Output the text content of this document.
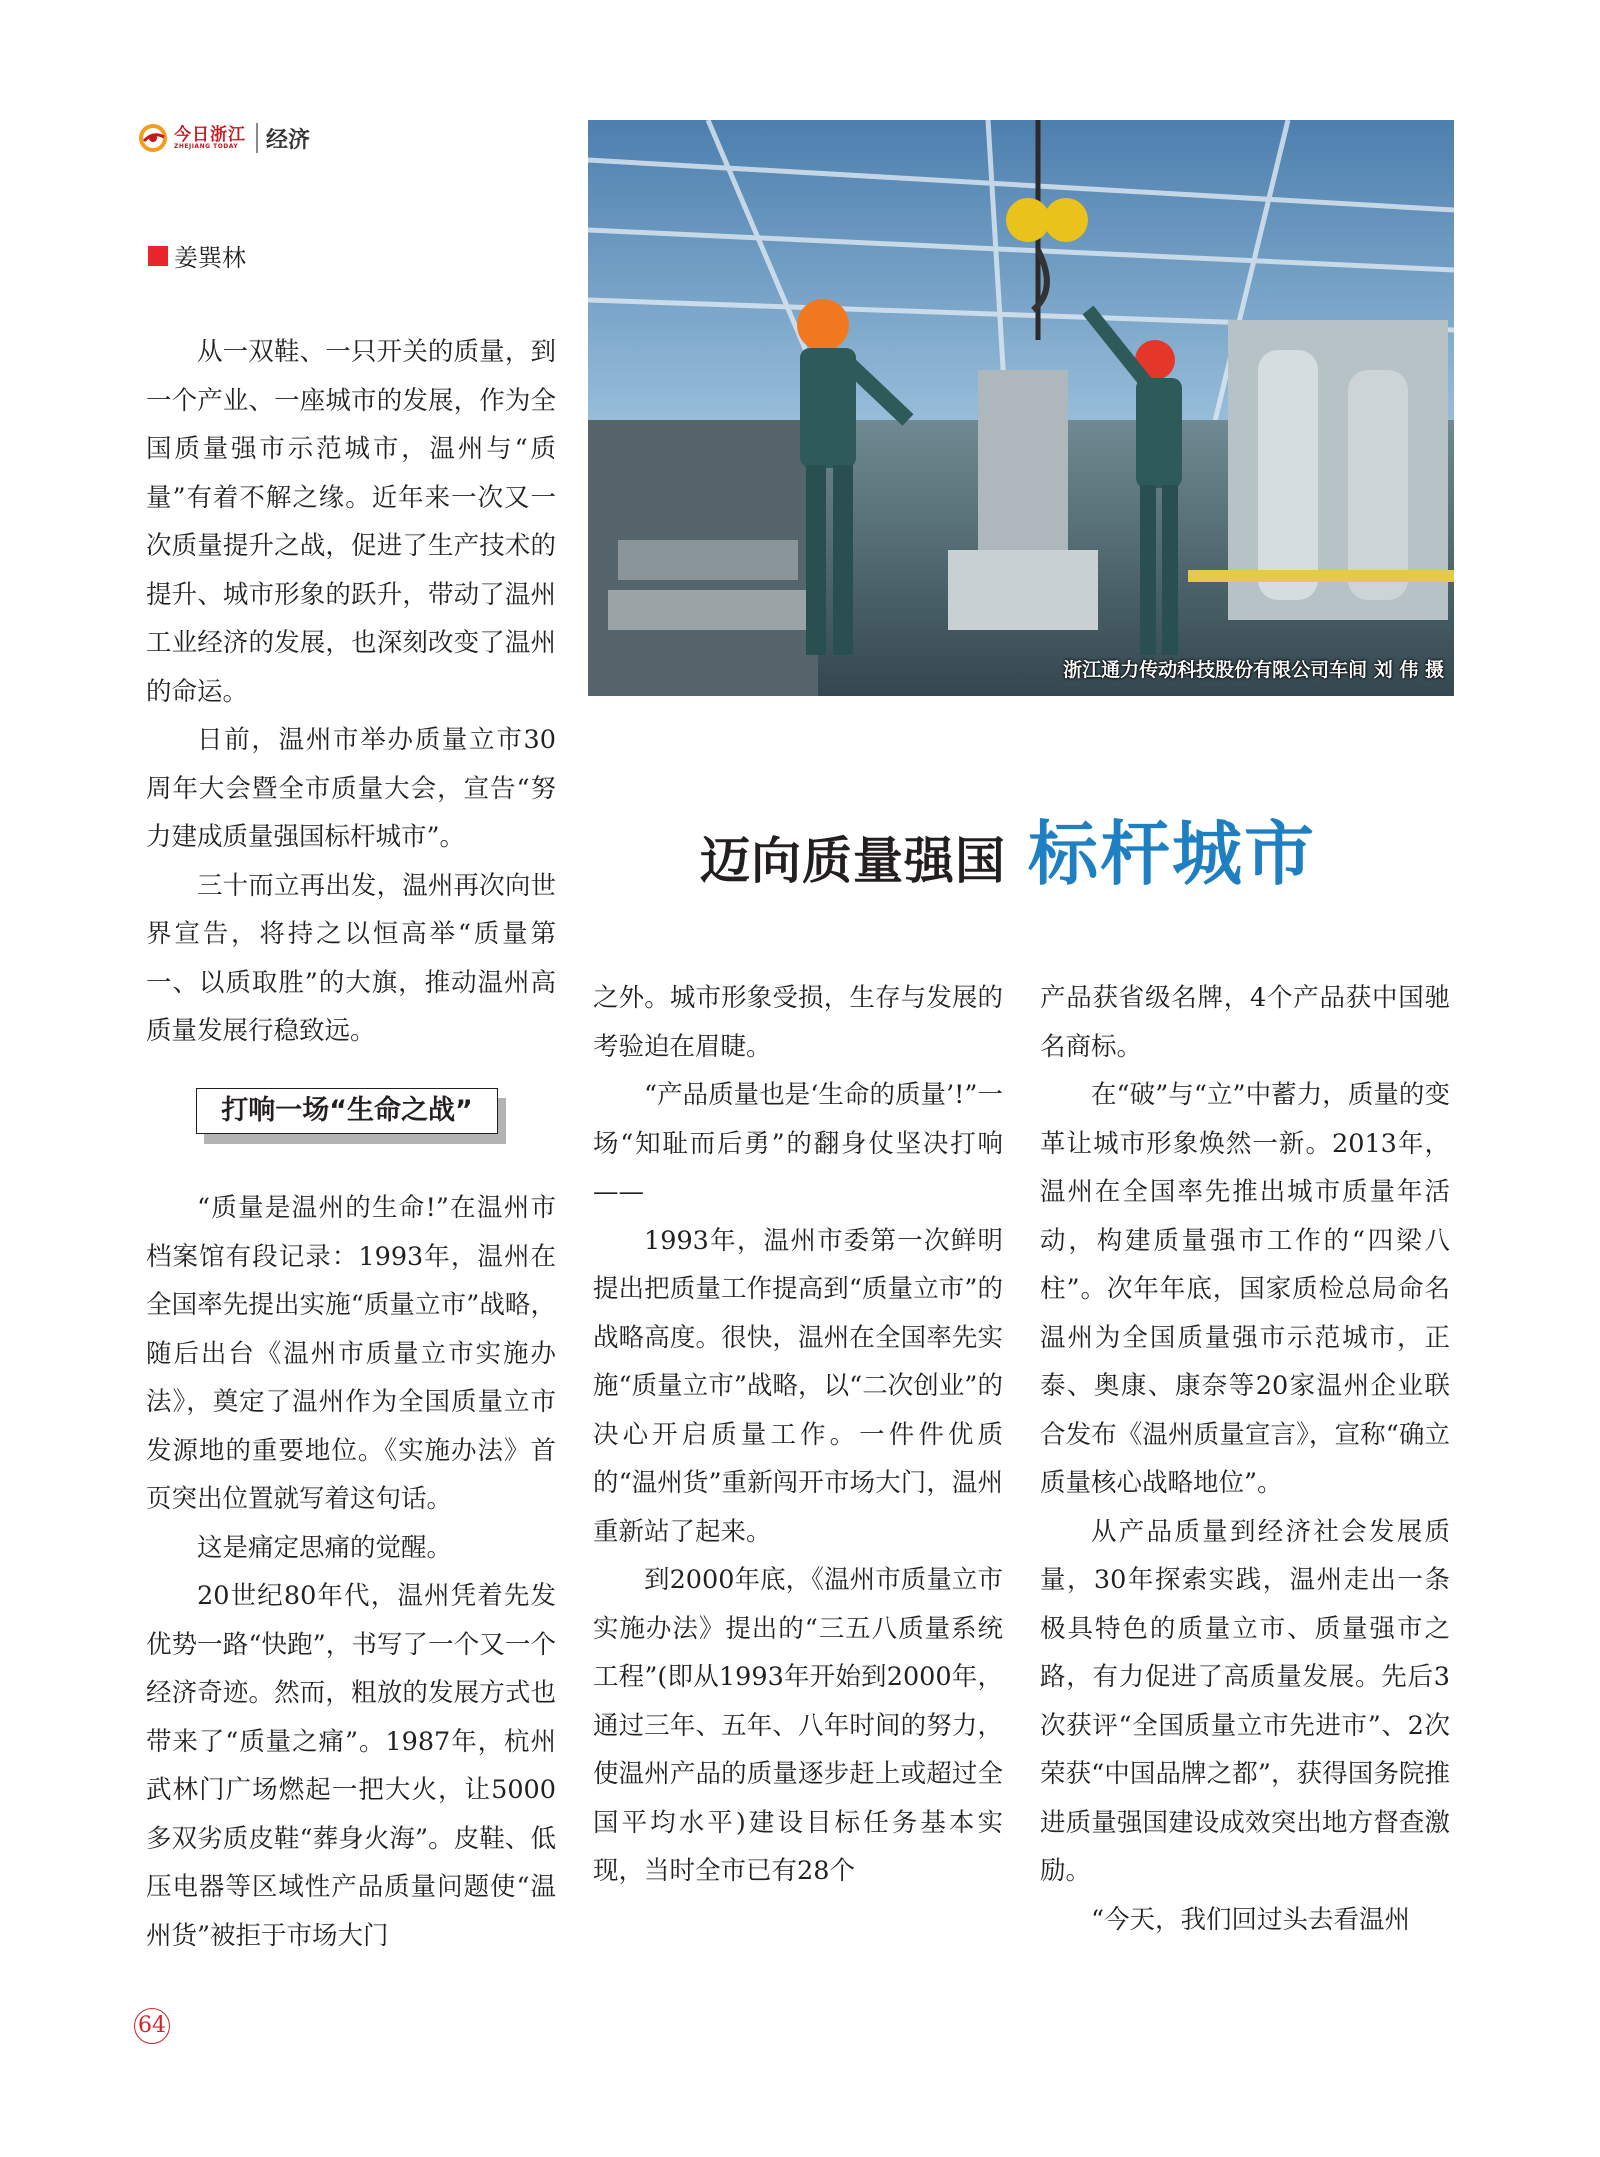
今日浙江
ZHEJIANG TODAY	经济
姜巽林

从一双鞋、一只开关的质量，到一个产业、一座城市的发展，作为全国质量强市示范城市，温州与“质量”有着不解之缘。近年来一次又一次质量提升之战，促进了生产技术的提升、城市形象的跃升，带动了温州工业经济的发展，也深刻改变了温州的命运。

日前，温州市举办质量立市30周年大会暨全市质量大会，宣告“努力建成质量强国标杆城市”。

三十而立再出发，温州再次向世界宣告，将持之以恒高举“质量第一、以质取胜”的大旗，推动温州高质量发展行稳致远。

打响一场“生命之战”

“质量是温州的生命!”在温州市档案馆有段记录：1993年，温州在全国率先提出实施“质量立市”战略，随后出台《温州市质量立市实施办法》，奠定了温州作为全国质量立市发源地的重要地位。《实施办法》首页突出位置就写着这句话。

这是痛定思痛的觉醒。

20世纪80年代，温州凭着先发优势一路“快跑”，书写了一个又一个经济奇迹。然而，粗放的发展方式也带来了“质量之痛”。1987年，杭州武林门广场燃起一把大火，让5000多双劣质皮鞋“葬身火海”。皮鞋、低压电器等区域性产品质量问题使“温州货”被拒于市场大门

浙江通力传动科技股份有限公司车间 刘 伟 摄
迈向质量强国 标杆城市

之外。城市形象受损，生存与发展的考验迫在眉睫。

“产品质量也是‘生命的质量’!”一场“知耻而后勇”的翻身仗坚决打响——

1993年，温州市委第一次鲜明提出把质量工作提高到“质量立市”的战略高度。很快，温州在全国率先实施“质量立市”战略，以“二次创业”的决心开启质量工作。一件件优质的“温州货”重新闯开市场大门，温州重新站了起来。

到2000年底，《温州市质量立市实施办法》提出的“三五八质量系统工程”(即从1993年开始到2000年，通过三年、五年、八年时间的努力，使温州产品的质量逐步赶上或超过全国平均水平)建设目标任务基本实现，当时全市已有28个

产品获省级名牌，4个产品获中国驰名商标。

在“破”与“立”中蓄力，质量的变革让城市形象焕然一新。2013年，温州在全国率先推出城市质量年活动，构建质量强市工作的“四梁八柱”。次年年底，国家质检总局命名温州为全国质量强市示范城市，正泰、奥康、康奈等20家温州企业联合发布《温州质量宣言》，宣称“确立质量核心战略地位”。

从产品质量到经济社会发展质量，30年探索实践，温州走出一条极具特色的质量立市、质量强市之路，有力促进了高质量发展。先后3次获评“全国质量立市先进市”、2次荣获“中国品牌之都”，获得国务院推进质量强国建设成效突出地方督查激励。

“今天，我们回过头去看温州

64
